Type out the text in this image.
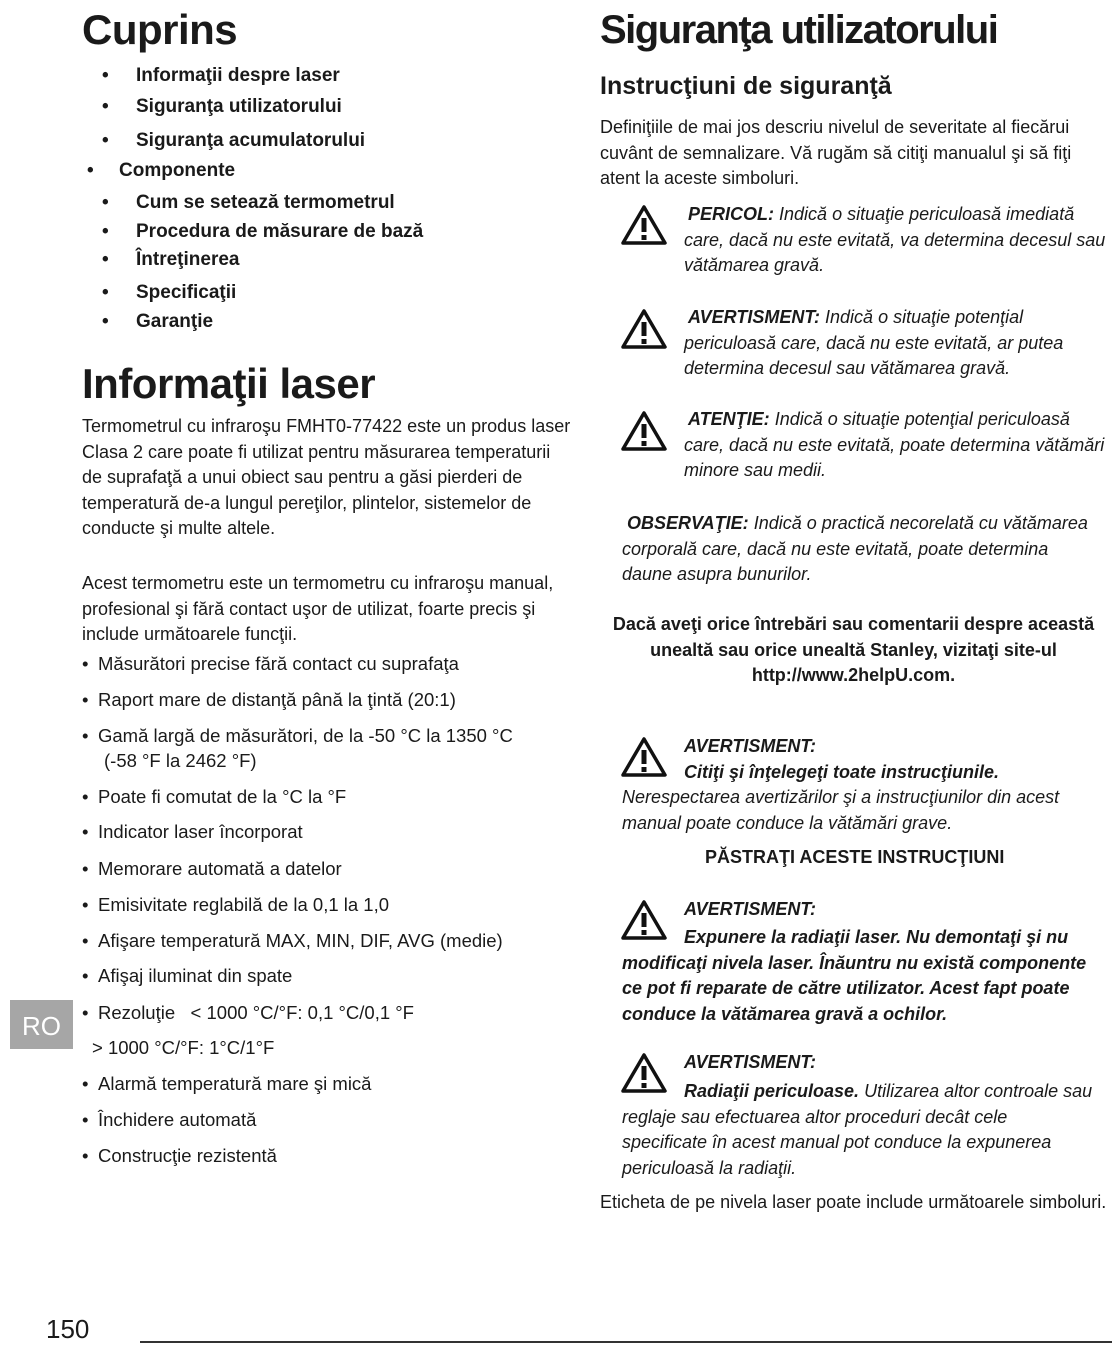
Cuprins
• Informaţii despre laser
• Siguranţa utilizatorului
• Siguranţa acumulatorului
• Componente
• Cum se setează termometrul
• Procedura de măsurare de bază
• Întreţinerea
• Specificaţii
• Garanţie
Informaţii laser

Termometrul cu infraroşu FMHT0-77422 este un produs laser Clasa 2 care poate fi utilizat pentru măsurarea temperaturii de suprafaţă a unui obiect sau pentru a găsi pierderi de temperatură de-a lungul pereţilor, plintelor, sistemelor de conducte şi multe altele.

Acest termometru este un termometru cu infraroşu manual, profesional şi fără contact uşor de utilizat, foarte precis şi include următoarele funcţii.

• Măsurători precise fără contact cu suprafaţa
• Raport mare de distanţă până la ţintă (20:1)
• Gamă largă de măsurători, de la -50 °C la 1350 °C
(-58 °F la 2462 °F)
• Poate fi comutat de la °C la °F
• Indicator laser încorporat
• Memorare automată a datelor
• Emisivitate reglabilă de la 0,1 la 1,0
• Afişare temperatură MAX, MIN, DIF, AVG (medie)
• Afişaj iluminat din spate
• Rezoluţie   < 1000 °C/°F: 0,1 °C/0,1 °F
> 1000 °C/°F: 1°C/1°F
• Alarmă temperatură mare şi mică
• Închidere automată
• Construcţie rezistentă
RO
150
Siguranţa utilizatorului
Instrucţiuni de siguranţă

Definiţiile de mai jos descriu nivelul de severitate al fiecărui cuvânt de semnalizare. Vă rugăm să citiţi manualul şi să fiţi atent la aceste simboluri.

PERICOL: Indică o situaţie periculoasă imediată care, dacă nu este evitată, va determina decesul sau vătămarea gravă.
AVERTISMENT: Indică o situaţie potenţial periculoasă care, dacă nu este evitată, ar putea determina decesul sau vătămarea gravă.
ATENŢIE: Indică o situaţie potenţial periculoasă care, dacă nu este evitată, poate determina vătămări minore sau medii.
OBSERVAŢIE: Indică o practică necorelată cu vătămarea corporală care, dacă nu este evitată, poate determina daune asupra bunurilor.
Dacă aveţi orice întrebări sau comentarii despre această unealtă sau orice unealtă Stanley, vizitaţi site-ul http://www.2helpU.com.
AVERTISMENT:
Citiţi şi înţelegeţi toate instrucţiunile.
Nerespectarea avertizărilor şi a instrucţiunilor din acest manual poate conduce la vătămări grave.
PĂSTRAŢI ACESTE INSTRUCŢIUNI
AVERTISMENT:
Expunere la radiaţii laser. Nu demontaţi şi nu modificaţi nivela laser. Înăuntru nu există componente ce pot fi reparate de către utilizator. Acest fapt poate conduce la vătămarea gravă a ochilor.
AVERTISMENT:
Radiaţii periculoase. Utilizarea altor controale sau reglaje sau efectuarea altor proceduri decât cele specificate în acest manual pot conduce la expunerea periculoasă la radiaţii.
Eticheta de pe nivela laser poate include următoarele simboluri.
